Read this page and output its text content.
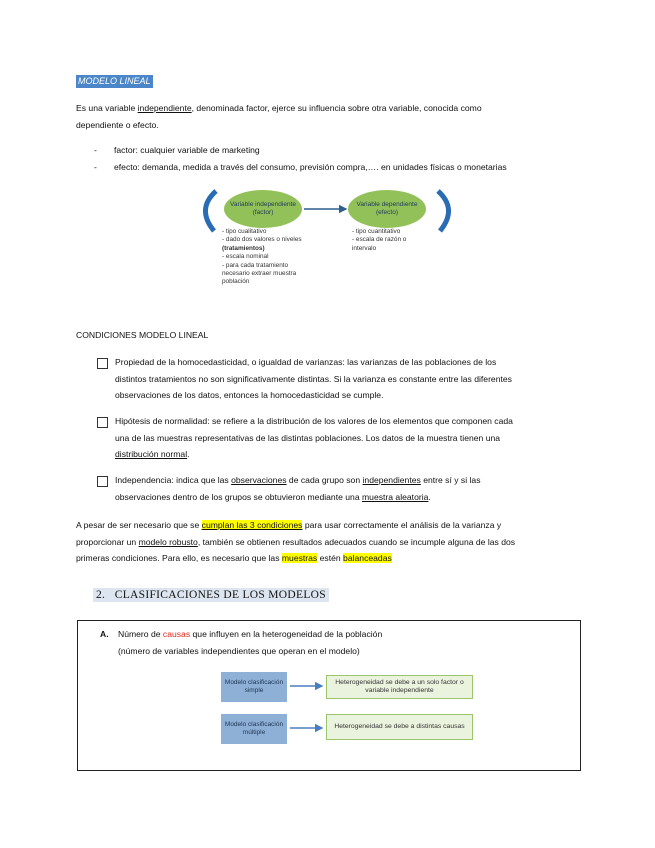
MODELO LINEAL
Es una variable independiente, denominada factor, ejerce su influencia sobre otra variable, conocida como
dependiente o efecto.
- factor: cualquier variable de marketing
- efecto: demanda, medida a través del consumo, previsión compra,…. en unidades físicas o monetarias
Variable independiente (factor)
Variable dependiente (efecto)
- tipo cualitativo
- dado dos valores o niveles
(tratamientos)
- escala nominal
- para cada tratamiento
necesario extraer muestra
población
- tipo cuantitativo
- escala de razón o
intervalo
CONDICIONES MODELO LINEAL
Propiedad de la homocedasticidad, o igualdad de varianzas: las varianzas de las poblaciones de los
distintos tratamientos no son significativamente distintas. Si la varianza es constante entre las diferentes
observaciones de los datos, entonces la homocedasticidad se cumple.
Hipótesis de normalidad: se refiere a la distribución de los valores de los elementos que componen cada
una de las muestras representativas de las distintas poblaciones. Los datos de la muestra tienen una
distribución normal.
Independencia: indica que las observaciones de cada grupo son independientes entre sí y si las
observaciones dentro de los grupos se obtuvieron mediante una muestra aleatoria.
A pesar de ser necesario que se cumplan las 3 condiciones para usar correctamente el análisis de la varianza y
proporcionar un modelo robusto, también se obtienen resultados adecuados cuando se incumple alguna de las dos
primeras condiciones. Para ello, es necesario que las muestras estén balanceadas
2.   CLASIFICACIONES DE LOS MODELOS
A. Número de causas que influyen en la heterogeneidad de la población
(número de variables independientes que operan en el modelo)
Modelo clasificación simple
Heterogeneidad se debe a un solo factor o variable independiente
Modelo clasificación múltiple
Heterogeneidad se debe a distintas causas
